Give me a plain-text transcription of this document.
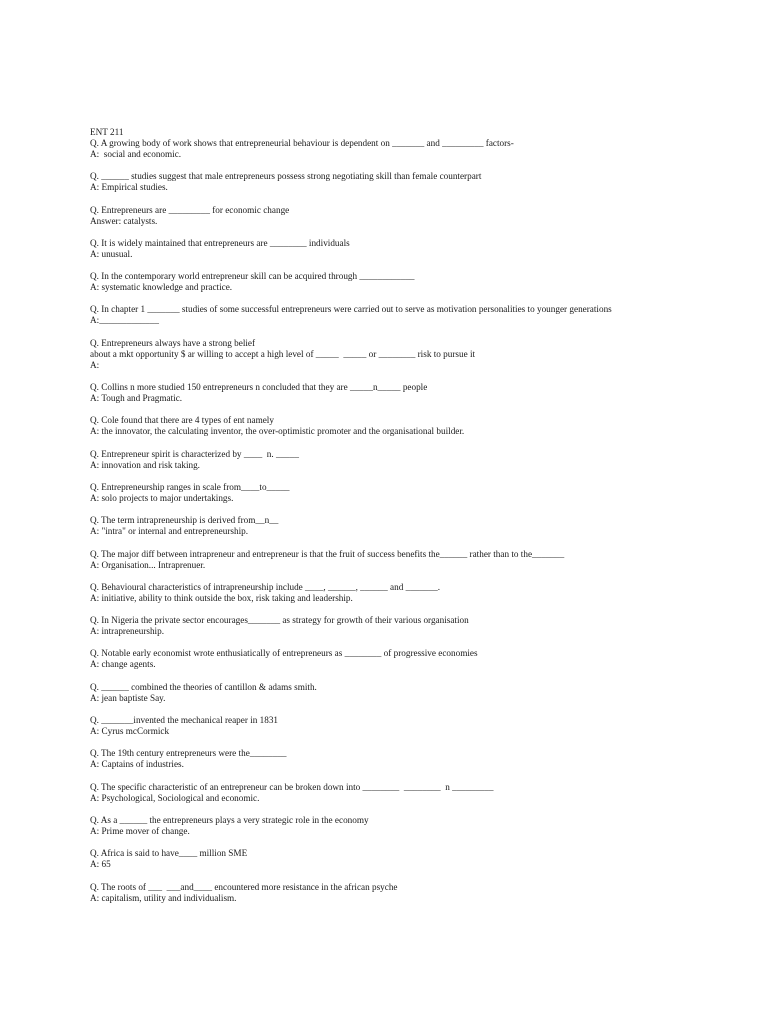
ENT 211
Q. A growing body of work shows that entrepreneurial behaviour is dependent on _______ and _________ factors-
A:  social and economic.
Q. ______ studies suggest that male entrepreneurs possess strong negotiating skill than female counterpart
A: Empirical studies.
Q. Entrepreneurs are _________ for economic change
Answer: catalysts.
Q. It is widely maintained that entrepreneurs are ________ individuals
A: unusual.
Q. In the contemporary world entrepreneur skill can be acquired through ____________
A: systematic knowledge and practice.
Q. In chapter 1 _______ studies of some successful entrepreneurs were carried out to serve as motivation personalities to younger generations
A:_____________
Q. Entrepreneurs always have a strong belief
about a mkt opportunity $ ar willing to accept a high level of _____  _____ or ________ risk to pursue it
A:
Q. Collins n more studied 150 entrepreneurs n concluded that they are _____n_____ people
A: Tough and Pragmatic.
Q. Cole found that there are 4 types of ent namely
A: the innovator, the calculating inventor, the over-optimistic promoter and the organisational builder.
Q. Entrepreneur spirit is characterized by ____  n. _____
A: innovation and risk taking.
Q. Entrepreneurship ranges in scale from____to_____
A: solo projects to major undertakings.
Q. The term intrapreneurship is derived from__n__
A: "intra" or internal and entrepreneurship.
Q. The major diff between intrapreneur and entrepreneur is that the fruit of success benefits the______ rather than to the_______
A: Organisation... Intraprenuer.
Q. Behavioural characteristics of intrapreneurship include ____, ______, ______ and _______.
A: initiative, ability to think outside the box, risk taking and leadership.
Q. In Nigeria the private sector encourages_______ as strategy for growth of their various organisation
A: intrapreneurship.
Q. Notable early economist wrote enthusiatically of entrepreneurs as ________ of progressive economies
A: change agents.
Q. ______ combined the theories of cantillon & adams smith.
A: jean baptiste Say.
Q. _______invented the mechanical reaper in 1831
A: Cyrus mcCormick
Q. The 19th century entrepreneurs were the________
A: Captains of industries.
Q. The specific characteristic of an entrepreneur can be broken down into ________  ________  n _________
A: Psychological, Sociological and economic.
Q. As a ______ the entrepreneurs plays a very strategic role in the economy
A: Prime mover of change.
Q. Africa is said to have____ million SME
A: 65
Q. The roots of ___  ___and____ encountered more resistance in the african psyche
A: capitalism, utility and individualism.
